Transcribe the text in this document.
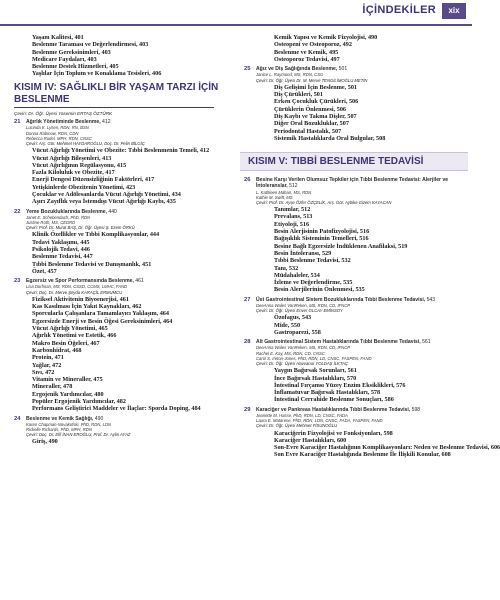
İÇİNDEKİLER	xix
Yaşam Kalitesi, 401
Beslenme Taraması ve Değerlendirmesi, 403
Beslenme Gereksinimleri, 403
Medicare Faydaları, 403
Beslenme Destek Hizmetleri, 405
Yaşlılar İçin Toplum ve Konaklama Tesisleri, 406
KISIM IV: SAĞLIKLI BİR YAŞAM TARZI İÇİN BESLENME
Çeviri: Dr. Öğr. Üyesi Yasemin ERTAŞ ÖZTÜRK
21 Ağırlık Yönetiminde Beslenme, 412
Lucinda K. Lysen, RDN, RN, BSN
Donna Rabinow, RDN, CDN
Rebecca Rudel, MPH, RDN, CNSC
Çeviri: Arş. Gör. Mehmet HAYDAROĞLU, Doç. Dr. Pelin BİLGİÇ
Vücut Ağırlığı Yönetimi ve Obezite: Tıbbi Beslenmenin Temeli, 412
Vücut Ağırlığı Bileşenleri, 413
Vücut Ağırlığının Regülasyonu, 415
Fazla Kiloluluk ve Obezite, 417
Enerji Dengesi Düzensizliğinin Faktörleri, 417
Yetişkinlerde Obezitenin Yönetimi, 423
Çocuklar ve Adölesanlarda Vücut Ağırlığı Yönetimi, 434
Aşırı Zayıflık veya İstemdışı Vücut Ağırlığı Kaybı, 435
22 Yeme Bozukluklarında Beslenme, 440
Janet E. Schebendach, PhD, RDN
Justine Roth, MS, CEDRD
Çeviri: Prof. Dr. Murat BAŞ, Dr. Öğr. Üyesi Ş. Ezem ÖRKÜ
Klinik Özellikler ve Tıbbi Komplikasyonlar, 444
Tedavi Yaklaşımı, 445
Psikolojik Tedavi, 446
Beslenme Tedavisi, 447
Tıbbi Beslenme Tedavisi ve Danışmanlık, 451
Özet, 457
23 Egzersiz ve Spor Performansında Beslenme, 461
Lisa Dorfman, MS, RDN, CSSD, CCMS, LMHC, FAND
Çeviri: Doç. Dr. Merve Şeyda KARAÇİL ERMUMCU
Fiziksel Aktivitenin Biyoenerjisi, 461
Kas Kasılması İçin Yakıt Kaynakları, 462
Sporcularla Çalışanlara Tamamlayıcı Yaklaşım, 464
Egzersizde Enerji ve Besin Öğesi Gereksinimleri, 464
Vücut Ağırlığı Yönetimi, 465
Ağırlık Yönetimi ve Estetik, 466
Makro Besin Öğeleri, 467
Karbonhidrat, 468
Protein, 471
Yağlar, 472
Sıvı, 472
Vitamin ve Mineraller, 475
Mineraller, 478
Ergojenik Yardımcılar, 480
Popüler Ergojenik Yardımcılar, 482
Performans Geliştirici Maddeler ve İlaçlar: Sporda Doping, 484
24 Beslenme ve Kemik Sağlığı, 490
Karen Chapman-Novakofski, PhD, RDN, LDN
Rickelle Richards, PhD, MPH, RDN
Çeviri: Doç. Dr. Elif İNAN EROĞLU, Prof. Dr. Aylin AYAZ
Giriş, 490
Kemik Yapısı ve Kemik Fizyolojisi, 490
Osteopeni ve Osteoporoz, 492
Beslenme ve Kemik, 495
Osteoporoz Tedavisi, 497
25 Ağız ve Diş Sağlığında Beslenme, 501
Janice L. Raymond, MS, RDN, CSG
Çeviri: Dr. Öğr. Üyesi Dr. M. Merve TENGİLİMOĞLU METİN
Diş Gelişimi İçin Beslenme, 501
Diş Çürükleri, 501
Erken Çocukluk Çürükleri, 506
Çürüklerin Önlenmesi, 506
Diş Kaybı ve Takma Dişler, 507
Diğer Oral Bozukluklar, 507
Periodontal Hastalık, 507
Sistemik Hastalıklarda Oral Bulgular, 508
KISIM V: TIBBİ BESLENME TEDAVİSİ
26 Besine Karşı Verilen Olumsuz Tepkiler için Tıbbi Beslenme Tedavisi: Alerjiler ve İntoleranslar, 512
L. Kathleen Mahan, MS, RDN
Kathie M. Swift, MS
Çeviri: Prof. Dr. Ayşe Özfer ÖZÇELİK, Arş. Gör. Aybike Gizem KAYACAN
Tanımlar, 512
Prevalans, 513
Etiyoloji, 516
Besin Alerjisinin Patofizyolojisi, 516
Bağışıklık Sisteminin Temelleri, 516
Besine Bağlı Egzersizle İndüklenen Anafilaksi, 519
Besin İntoleransı, 529
Tıbbi Beslenme Tedavisi, 532
Tanı, 532
Müdahaleler, 534
İzleme ve Değerlendirme, 535
Besin Alerjilerinin Önlenmesi, 535
27 Üst Gastrointestinal Sistem Bozukluklarında Tıbbi Beslenme Tedavisi, 543
DeeAnna Wales VanReken, MS, RDN, CD, IFNCP
Çeviri: Dr. Öğr. Üyesi Enver OLCAY EMİNSOY
Özofagus, 543
Mide, 550
Gastroparezi, 558
28 Alt Gastrointestinal Sistem Hastalıklarında Tıbbi Beslenme Tedavisi, 561
DeeAnna Wales VanReken, MS, RDN, CD, IFNCP
Rachel E. Kay, MS, RDN, CD, CNSC
Carol S. Ireton-Jones, PhD, RDN, LD, CNSC, FASPEN, FAND
Çeviri: Dr. Öğr. Üyesi Havvanur YOLDAŞ İLKTAÇ
Yaygın Bağırsak Sorunları, 561
İnce Bağırsak Hastalıkları, 570
İntestinal Fırçamsı Yüzey Enzim Eksiklikleri, 576
İnflamatuvar Bağırsak Hastalıkları, 578
İntestinal Cerrahide Beslenme Sonuçları, 586
29 Karaciğer ve Pankreas Hastalıklarında Tıbbi Beslenme Tedavisi, 598
Jeanette M. Hasse, PhD, RDN, LD, CNSC, FADA
Laura E. Matarese, PhD, RDN, LDN, CNSC, FADA, FASPEN, FAND
Çeviri: Dr. Öğr. Üyesi Mehmet FİSUNOĞLU
Karaciğerin Fizyolojisi ve Fonksiyonları, 598
Karaciğer Hastalıkları, 600
Son-Evre Karaciğer Hastalığının Komplikasyonları: Neden ve Beslenme Tedavisi, 606
Son Evre Karaciğer Hastalığında Beslenme İle İlişkili Konular, 608
